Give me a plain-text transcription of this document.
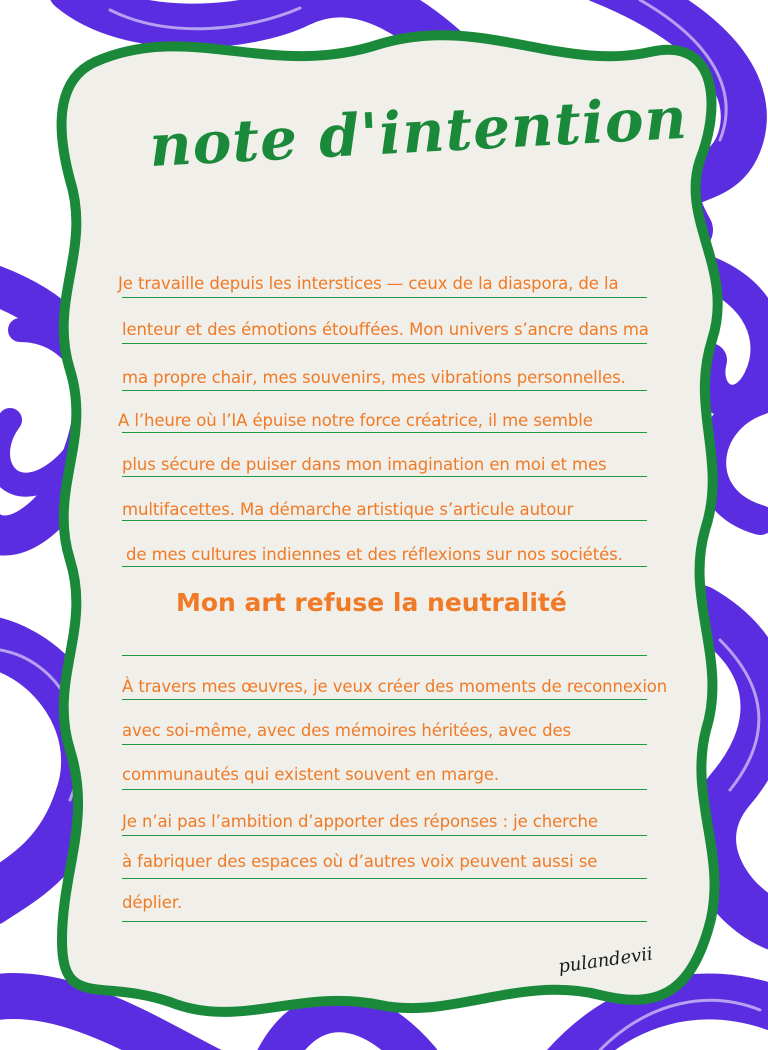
note d'intention
Je travaille depuis les interstices — ceux de la diaspora, de la
lenteur et des émotions étouffées. Mon univers s’ancre dans ma
ma propre chair, mes souvenirs, mes vibrations personnelles.
A l’heure où l’IA épuise notre force créatrice, il me semble
plus sécure de puiser dans mon imagination en moi et mes
multifacettes. Ma démarche artistique s’articule autour
de mes cultures indiennes et des réflexions sur nos sociétés.
Mon art refuse la neutralité
À travers mes œuvres, je veux créer des moments de reconnexion
avec soi-même, avec des mémoires héritées, avec des
communautés qui existent souvent en marge.
Je n’ai pas l’ambition d’apporter des réponses : je cherche
à fabriquer des espaces où d’autres voix peuvent aussi se
déplier.
pulandevii
